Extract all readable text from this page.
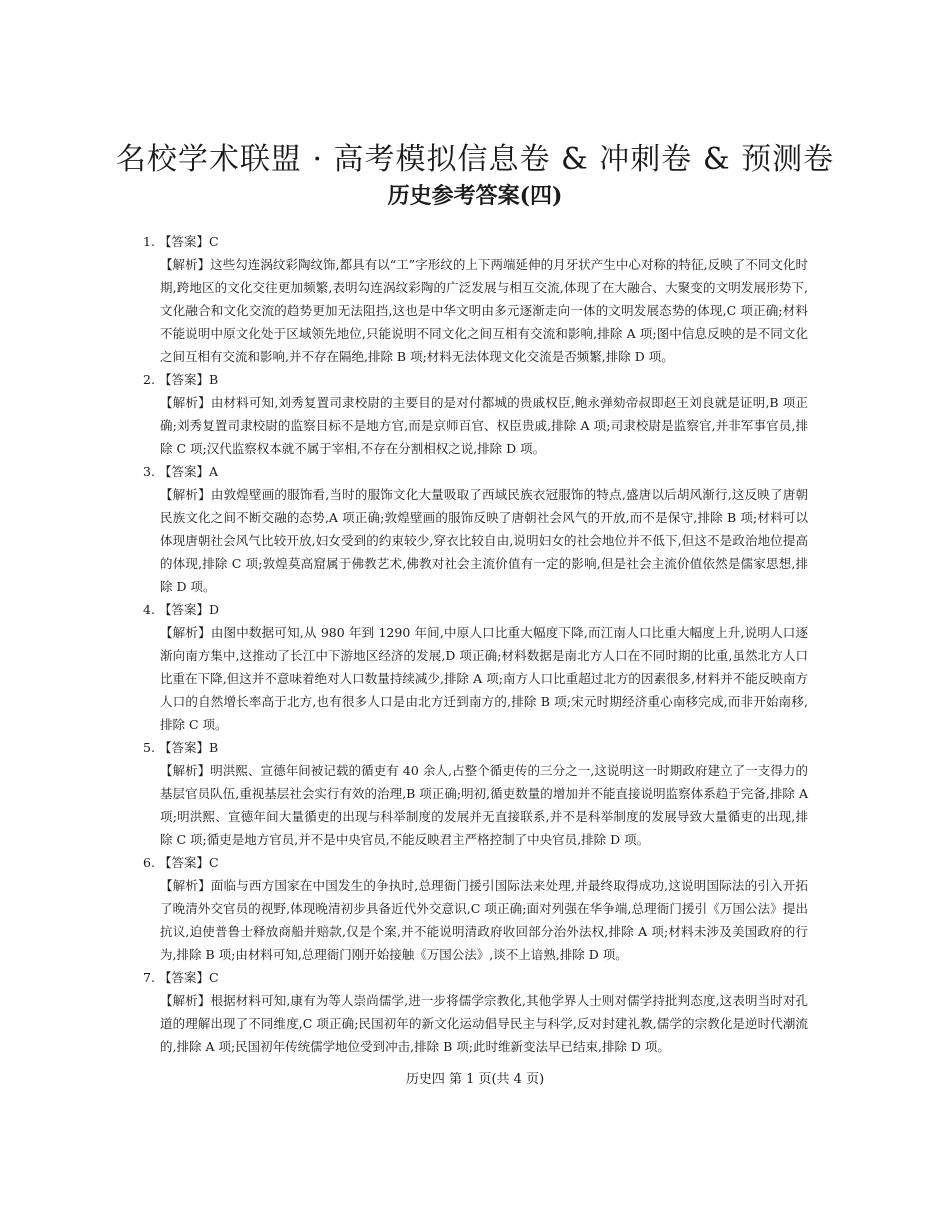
名校学术联盟 · 高考模拟信息卷 & 冲刺卷 & 预测卷
历史参考答案(四)

1. 【答案】C

【解析】这些勾连涡纹彩陶纹饰,都具有以“工”字形纹的上下两端延伸的月牙状产生中心对称的特征,反映了不同文化时期,跨地区的文化交往更加频繁,表明勾连涡纹彩陶的广泛发展与相互交流,体现了在大融合、大聚变的文明发展形势下,文化融合和文化交流的趋势更加无法阻挡,这也是中华文明由多元逐渐走向一体的文明发展态势的体现,C 项正确;材料不能说明中原文化处于区域领先地位,只能说明不同文化之间互相有交流和影响,排除 A 项;图中信息反映的是不同文化之间互相有交流和影响,并不存在隔绝,排除 B 项;材料无法体现文化交流是否频繁,排除 D 项。

2. 【答案】B

【解析】由材料可知,刘秀复置司隶校尉的主要目的是对付都城的贵戚权臣,鲍永弹劾帝叔即赵王刘良就是证明,B 项正确;刘秀复置司隶校尉的监察目标不是地方官,而是京师百官、权臣贵戚,排除 A 项;司隶校尉是监察官,并非军事官员,排除 C 项;汉代监察权本就不属于宰相,不存在分割相权之说,排除 D 项。

3. 【答案】A

【解析】由敦煌壁画的服饰看,当时的服饰文化大量吸取了西域民族衣冠服饰的特点,盛唐以后胡风渐行,这反映了唐朝民族文化之间不断交融的态势,A 项正确;敦煌壁画的服饰反映了唐朝社会风气的开放,而不是保守,排除 B 项;材料可以体现唐朝社会风气比较开放,妇女受到的约束较少,穿衣比较自由,说明妇女的社会地位并不低下,但这不是政治地位提高的体现,排除 C 项;敦煌莫高窟属于佛教艺术,佛教对社会主流价值有一定的影响,但是社会主流价值依然是儒家思想,排除 D 项。

4. 【答案】D

【解析】由图中数据可知,从 980 年到 1290 年间,中原人口比重大幅度下降,而江南人口比重大幅度上升,说明人口逐渐向南方集中,这推动了长江中下游地区经济的发展,D 项正确;材料数据是南北方人口在不同时期的比重,虽然北方人口比重在下降,但这并不意味着绝对人口数量持续减少,排除 A 项;南方人口比重超过北方的因素很多,材料并不能反映南方人口的自然增长率高于北方,也有很多人口是由北方迁到南方的,排除 B 项;宋元时期经济重心南移完成,而非开始南移,排除 C 项。

5. 【答案】B

【解析】明洪熙、宣德年间被记载的循吏有 40 余人,占整个循吏传的三分之一,这说明这一时期政府建立了一支得力的基层官员队伍,重视基层社会实行有效的治理,B 项正确;明初,循吏数量的增加并不能直接说明监察体系趋于完备,排除 A 项;明洪熙、宣德年间大量循吏的出现与科举制度的发展并无直接联系,并不是科举制度的发展导致大量循吏的出现,排除 C 项;循吏是地方官员,并不是中央官员,不能反映君主严格控制了中央官员,排除 D 项。

6. 【答案】C

【解析】面临与西方国家在中国发生的争执时,总理衙门援引国际法来处理,并最终取得成功,这说明国际法的引入开拓了晚清外交官员的视野,体现晚清初步具备近代外交意识,C 项正确;面对列强在华争端,总理衙门援引《万国公法》提出抗议,迫使普鲁士释放商船并赔款,仅是个案,并不能说明清政府收回部分治外法权,排除 A 项;材料未涉及美国政府的行为,排除 B 项;由材料可知,总理衙门刚开始接触《万国公法》,谈不上谙熟,排除 D 项。

7. 【答案】C

【解析】根据材料可知,康有为等人崇尚儒学,进一步将儒学宗教化,其他学界人士则对儒学持批判态度,这表明当时对孔道的理解出现了不同维度,C 项正确;民国初年的新文化运动倡导民主与科学,反对封建礼教,儒学的宗教化是逆时代潮流的,排除 A 项;民国初年传统儒学地位受到冲击,排除 B 项;此时维新变法早已结束,排除 D 项。

历史四 第 1 页(共 4 页)
